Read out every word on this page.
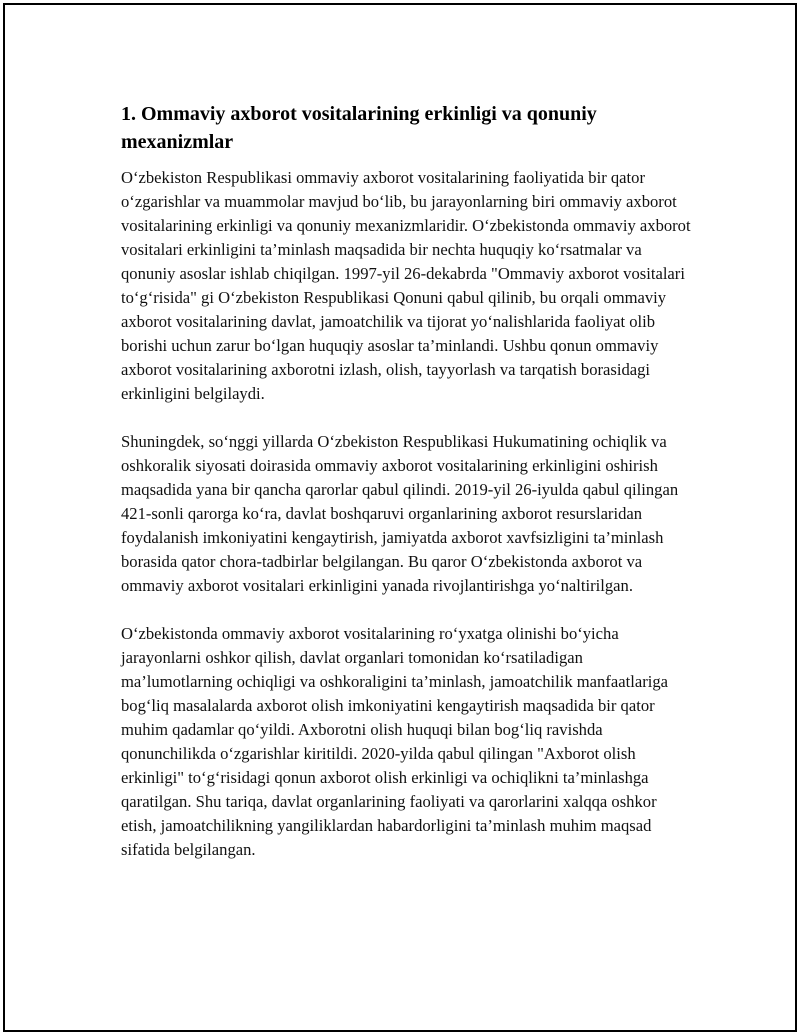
1. Ommaviy axborot vositalarining erkinligi va qonuniy mexanizmlar

O‘zbekiston Respublikasi ommaviy axborot vositalarining faoliyatida bir qator o‘zgarishlar va muammolar mavjud bo‘lib, bu jarayonlarning biri ommaviy axborot vositalarining erkinligi va qonuniy mexanizmlaridir. O‘zbekistonda ommaviy axborot vositalari erkinligini ta’minlash maqsadida bir nechta huquqiy ko‘rsatmalar va qonuniy asoslar ishlab chiqilgan. 1997-yil 26-dekabrda "Ommaviy axborot vositalari to‘g‘risida" gi O‘zbekiston Respublikasi Qonuni qabul qilinib, bu orqali ommaviy axborot vositalarining davlat, jamoatchilik va tijorat yo‘nalishlarida faoliyat olib borishi uchun zarur bo‘lgan huquqiy asoslar ta’minlandi. Ushbu qonun ommaviy axborot vositalarining axborotni izlash, olish, tayyorlash va tarqatish borasidagi erkinligini belgilaydi.

Shuningdek, so‘nggi yillarda O‘zbekiston Respublikasi Hukumatining ochiqlik va oshkoralik siyosati doirasida ommaviy axborot vositalarining erkinligini oshirish maqsadida yana bir qancha qarorlar qabul qilindi. 2019-yil 26-iyulda qabul qilingan 421-sonli qarorga ko‘ra, davlat boshqaruvi organlarining axborot resurslaridan foydalanish imkoniyatini kengaytirish, jamiyatda axborot xavfsizligini ta’minlash borasida qator chora-tadbirlar belgilangan. Bu qaror O‘zbekistonda axborot va ommaviy axborot vositalari erkinligini yanada rivojlantirishga yo‘naltirilgan.

O‘zbekistonda ommaviy axborot vositalarining ro‘yxatga olinishi bo‘yicha jarayonlarni oshkor qilish, davlat organlari tomonidan ko‘rsatiladigan ma’lumotlarning ochiqligi va oshkoraligini ta’minlash, jamoatchilik manfaatlariga bog‘liq masalalarda axborot olish imkoniyatini kengaytirish maqsadida bir qator muhim qadamlar qo‘yildi. Axborotni olish huquqi bilan bog‘liq ravishda qonunchilikda o‘zgarishlar kiritildi. 2020-yilda qabul qilingan "Axborot olish erkinligi" to‘g‘risidagi qonun axborot olish erkinligi va ochiqlikni ta’minlashga qaratilgan. Shu tariqa, davlat organlarining faoliyati va qarorlarini xalqqa oshkor etish, jamoatchilikning yangiliklardan habardorligini ta’minlash muhim maqsad sifatida belgilangan.
